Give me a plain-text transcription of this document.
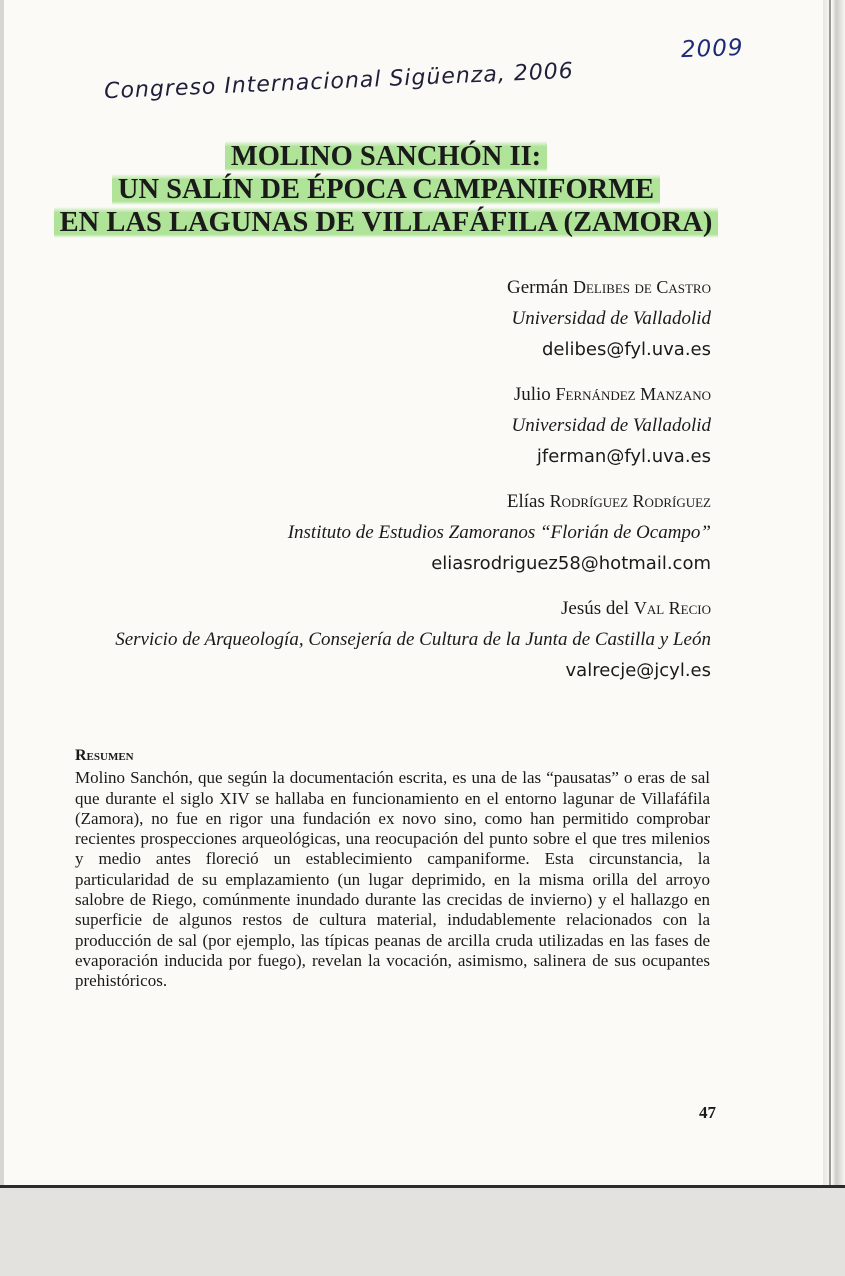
2009
Congreso Internacional Sigüenza, 2006
MOLINO SANCHÓN II:
UN SALÍN DE ÉPOCA CAMPANIFORME
EN LAS LAGUNAS DE VILLAFÁFILA (ZAMORA)
Germán Delibes de Castro
Universidad de Valladolid
delibes@fyl.uva.es
Julio Fernández Manzano
Universidad de Valladolid
jferman@fyl.uva.es
Elías Rodríguez Rodríguez
Instituto de Estudios Zamoranos “Florián de Ocampo”
eliasrodriguez58@hotmail.com
Jesús del Val Recio
Servicio de Arqueología, Consejería de Cultura de la Junta de Castilla y León
valrecje@jcyl.es
Resumen
Molino Sanchón, que según la documentación escrita, es una de las “pausatas” o eras de sal que durante el siglo XIV se hallaba en funcionamiento en el entorno lagunar de Villafáfila (Zamora), no fue en rigor una fundación ex novo sino, como han permitido comprobar recientes prospecciones arqueológicas, una reocupación del punto sobre el que tres milenios y medio antes floreció un establecimiento campaniforme. Esta circunstancia, la particularidad de su emplazamiento (un lugar deprimido, en la misma orilla del arroyo salobre de Riego, comúnmente inundado durante las crecidas de invierno) y el hallazgo en superficie de algunos restos de cultura material, indudablemente relacionados con la producción de sal (por ejemplo, las típicas peanas de arcilla cruda utilizadas en las fases de evaporación inducida por fuego), revelan la vocación, asimismo, salinera de sus ocupantes prehistóricos.
47
